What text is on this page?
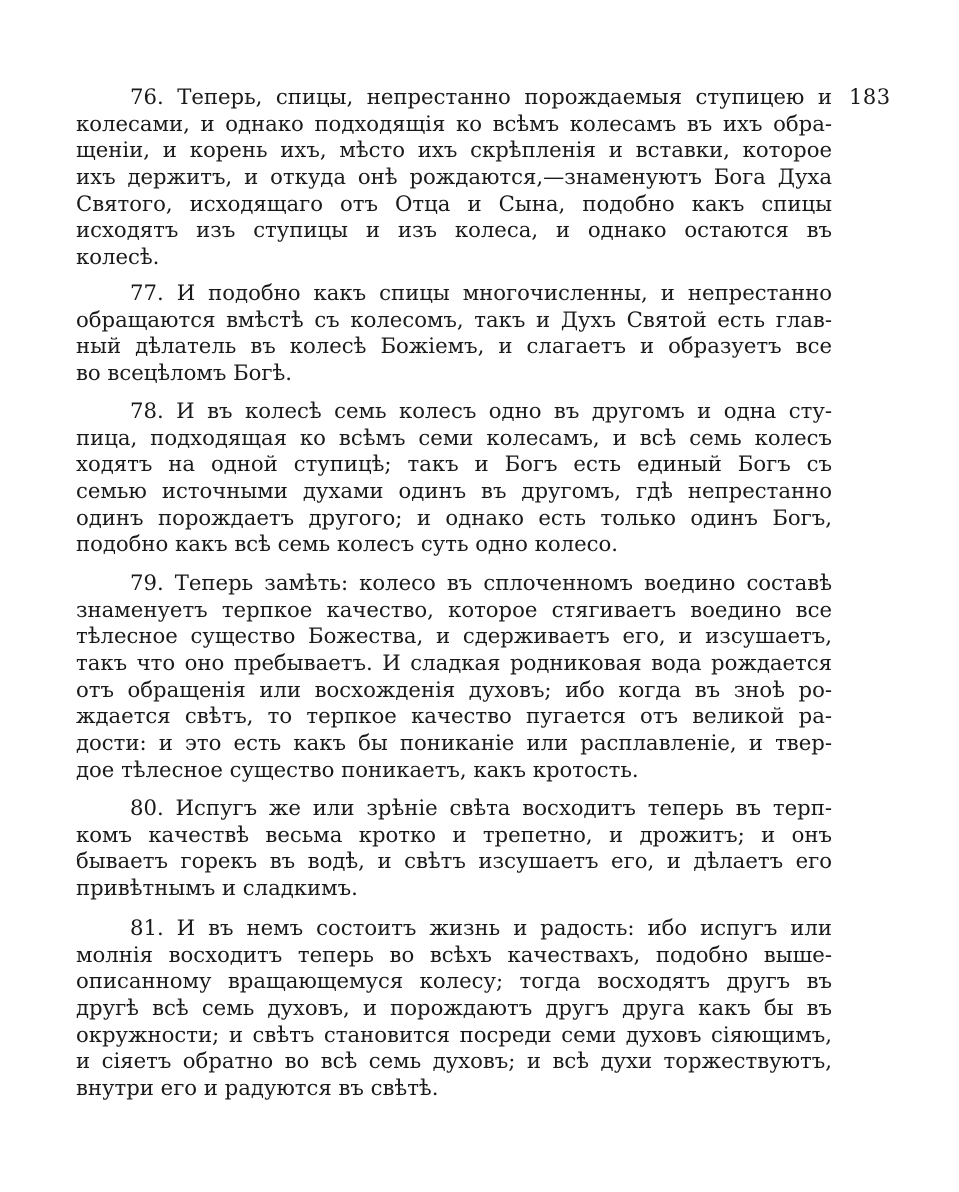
183
76. Теперь, спицы, непрестанно порождаемыя ступицею и
колесами, и однако подходящія ко всѣмъ колесамъ въ ихъ обра-
щеніи, и корень ихъ, мѣсто ихъ скрѣпленія и вставки, которое
ихъ держитъ, и откуда онѣ рождаются,—знаменуютъ Бога Духа
Святого, исходящаго отъ Отца и Сына, подобно какъ спицы
исходятъ изъ ступицы и изъ колеса, и однако остаются въ
колесѣ.
77. И подобно какъ спицы многочисленны, и непрестанно
обращаются вмѣстѣ съ колесомъ, такъ и Духъ Святой есть глав-
ный дѣлатель въ колесѣ Божіемъ, и слагаетъ и образуетъ все
во всецѣломъ Богѣ.
78. И въ колесѣ семь колесъ одно въ другомъ и одна сту-
пица, подходящая ко всѣмъ семи колесамъ, и всѣ семь колесъ
ходятъ на одной ступицѣ; такъ и Богъ есть единый Богъ съ
семью источными духами одинъ въ другомъ, гдѣ непрестанно
одинъ порождаетъ другого; и однако есть только одинъ Богъ,
подобно какъ всѣ семь колесъ суть одно колесо.
79. Теперь замѣть: колесо въ сплоченномъ воедино составѣ
знаменуетъ терпкое качество, которое стягиваетъ воедино все
тѣлесное существо Божества, и сдерживаетъ его, и изсушаетъ,
такъ что оно пребываетъ. И сладкая родниковая вода рождается
отъ обращенія или восхожденія духовъ; ибо когда въ зноѣ ро-
ждается свѣтъ, то терпкое качество пугается отъ великой ра-
дости: и это есть какъ бы пониканіе или расплавленіе, и твер-
дое тѣлесное существо поникаетъ, какъ кротость.
80. Испугъ же или зрѣніе свѣта восходитъ теперь въ терп-
комъ качествѣ весьма кротко и трепетно, и дрожитъ; и онъ
бываетъ горекъ въ водѣ, и свѣтъ изсушаетъ его, и дѣлаетъ его
привѣтнымъ и сладкимъ.
81. И въ немъ состоитъ жизнь и радость: ибо испугъ или
молнія восходитъ теперь во всѣхъ качествахъ, подобно выше-
описанному вращающемуся колесу; тогда восходятъ другъ въ
другѣ всѣ семь духовъ, и порождаютъ другъ друга какъ бы въ
окружности; и свѣтъ становится посреди семи духовъ сіяющимъ,
и сіяетъ обратно во всѣ семь духовъ; и всѣ духи торжествуютъ,
внутри его и радуются въ свѣтѣ.
